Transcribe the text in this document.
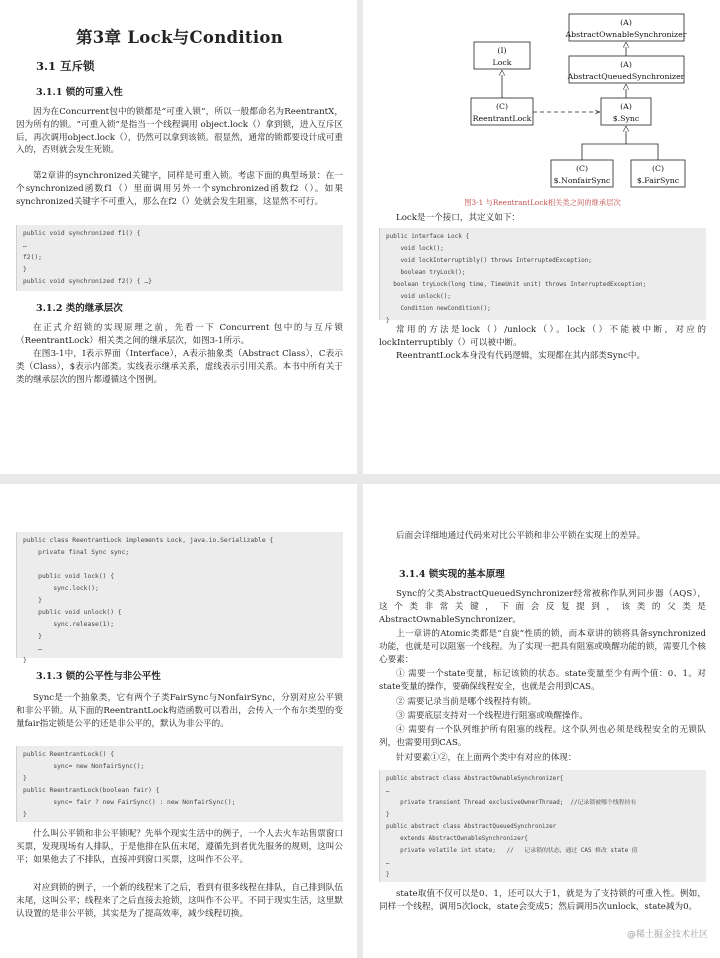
第3章 Lock与Condition
3.1 互斥锁
3.1.1 锁的可重入性
因为在Concurrent包中的锁都是“可重入锁”，所以一般都命名为ReentrantX，因为所有的锁。“可重入锁”是指当一个线程调用 object.lock（）拿到锁，进入互斥区后，再次调用object.lock（），仍然可以拿到该锁。很显然，通常的锁都要设计成可重入的，否则就会发生死锁。
第2章讲的synchronized关键字，同样是可重入锁。考虑下面的典型场景：在一个synchronized函数f1（）里面调用另外一个synchronized函数f2（）。如果synchronized关键字不可重入，那么在f2（）处就会发生阻塞，这显然不可行。
public void synchronized f1() {
…
f2();
}
public void synchronized f2() { …}
3.1.2 类的继承层次
在正式介绍锁的实现原理之前，先看一下 Concurrent 包中的与互斥锁（ReentrantLock）相关类之间的继承层次，如图3-1所示。
在图3-1中，I表示界面（Interface），A表示抽象类（Abstract Class），C表示类（Class），$表示内部类。实线表示继承关系，虚线表示引用关系。本书中所有关于类的继承层次的图片都遵循这个图例。
(A)
AbstractOwnableSynchronizer
(A)
AbstractQueuedSynchronizer
(I)
Lock
(C)
ReentrantLock
(A)
$.Sync
(C)
$.NonfairSync
(C)
$.FairSync
图3-1 与ReentrantLock相关类之间的继承层次
Lock是一个接口，其定义如下：
public interface Lock {
void lock();
void lockInterruptibly() throws InterruptedException;
boolean tryLock();
boolean tryLock(long time, TimeUnit unit) throws InterruptedException;
void unlock();
Condition newCondition();
}
常用的方法是lock（）/unlock（）。lock（）不能被中断，对应的lockInterruptibly（）可以被中断。
ReentrantLock本身没有代码逻辑，实现都在其内部类Sync中。
public class ReentrantLock implements Lock, java.io.Serializable {
private final Sync sync;

public void lock() {
sync.lock();
}
public void unlock() {
sync.release(1);
}
…
}
3.1.3 锁的公平性与非公平性
Sync是一个抽象类，它有两个子类FairSync与NonfairSync，分别对应公平锁和非公平锁。从下面的ReentrantLock构造函数可以看出，会传入一个布尔类型的变量fair指定锁是公平的还是非公平的，默认为非公平的。
public ReentrantLock() {
sync= new NonfairSync();
}
public ReentrantLock(boolean fair) {
sync= fair ? new FairSync() : new NonfairSync();
}
什么叫公平锁和非公平锁呢？先举个现实生活中的例子，一个人去火车站售票窗口买票，发现现场有人排队，于是他排在队伍末尾，遵循先到者优先服务的规则，这叫公平；如果他去了不排队，直接冲到窗口买票，这叫作不公平。
对应到锁的例子，一个新的线程来了之后，看到有很多线程在排队，自己排到队伍末尾，这叫公平；线程来了之后直接去抢锁，这叫作不公平。不同于现实生活，这里默认设置的是非公平锁，其实是为了提高效率，减少线程切换。
后面会详细地通过代码来对比公平锁和非公平锁在实现上的差异。
3.1.4 锁实现的基本原理
Sync的父类AbstractQueuedSynchronizer经常被称作队列同步器（AQS），这个类非常关键，下面会反复提到，该类的父类是AbstractOwnableSynchronizer。
上一章讲的Atomic类都是“自旋”性质的锁，而本章讲的锁将具备synchronized功能，也就是可以阻塞一个线程。为了实现一把具有阻塞或唤醒功能的锁，需要几个核心要素：
① 需要一个state变量，标记该锁的状态。state变量至少有两个值：0、1。对state变量的操作，要确保线程安全，也就是会用到CAS。
② 需要记录当前是哪个线程持有锁。
③ 需要底层支持对一个线程进行阻塞或唤醒操作。
④ 需要有一个队列维护所有阻塞的线程。这个队列也必须是线程安全的无锁队列，也需要用到CAS。
针对要素①②，在上面两个类中有对应的体现：
public abstract class AbstractOwnableSynchronizer{
…
private transient Thread exclusiveOwnerThread;  //记录锁被哪个线程持有
}
public abstract class AbstractQueuedSynchronizer
extends AbstractOwnableSynchronizer{
private volatile int state;   //   记录锁的状态，通过 CAS 修改 state 值
…
}
state取值不仅可以是0、1，还可以大于1，就是为了支持锁的可重入性。例如，同样一个线程，调用5次lock，state会变成5；然后调用5次unlock，state减为0。
@稀土掘金技术社区
